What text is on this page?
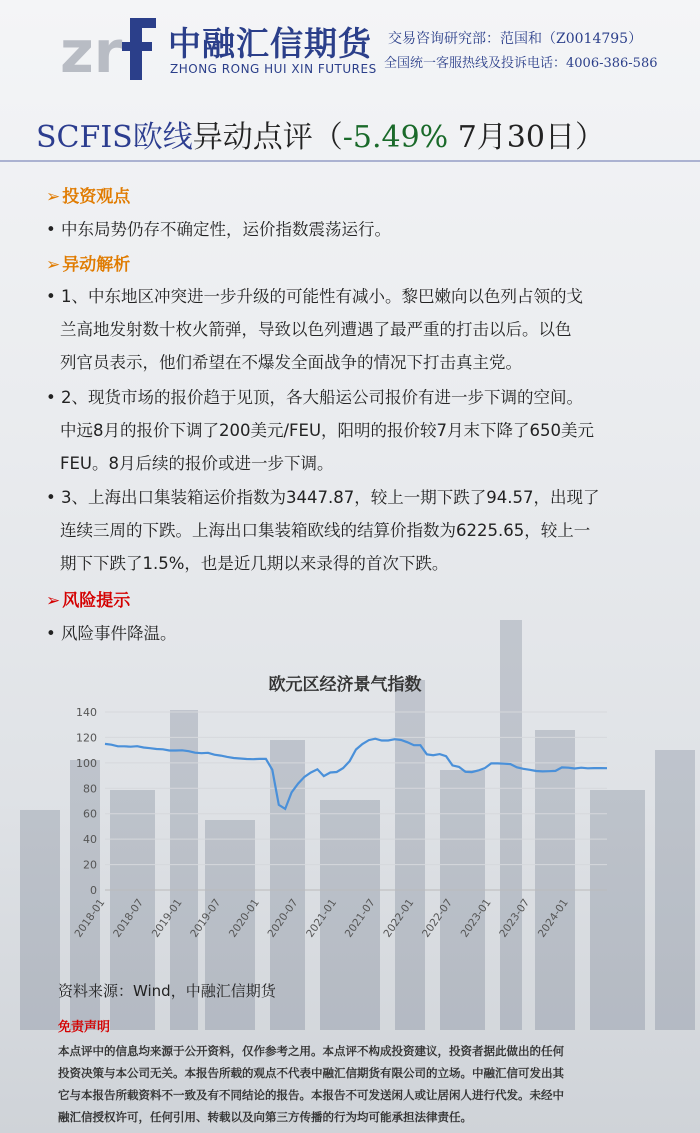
zr 中融汇信期货
ZHONG RONG HUI XIN FUTURES
交易咨询研究部：范国和（Z0014795）
全国统一客服热线及投诉电话：4006-386-586
SCFIS欧线异动点评（-5.49% 7月30日）
➢ 投资观点
• 中东局势仍存不确定性，运价指数震荡运行。
➢ 异动解析
• 1、中东地区冲突进一步升级的可能性有减小。黎巴嫩向以色列占领的戈
兰高地发射数十枚火箭弹，导致以色列遭遇了最严重的打击以后。以色
列官员表示，他们希望在不爆发全面战争的情况下打击真主党。
• 2、现货市场的报价趋于见顶，各大船运公司报价有进一步下调的空间。
中远8月的报价下调了200美元/FEU，阳明的报价较7月末下降了650美元
FEU。8月后续的报价或进一步下调。
• 3、上海出口集装箱运价指数为3447.87，较上一期下跌了94.57，出现了
连续三周的下跌。上海出口集装箱欧线的结算价指数为6225.65，较上一
期下下跌了1.5%，也是近几期以来录得的首次下跌。
➢ 风险提示
• 风险事件降温。
欧元区经济景气指数
0
20
40
60
80
100
120
140
2018-01 2018-07 2019-01 2019-07 2020-01 2020-07 2021-01 2021-07 2022-01 2022-07 2023-01 2023-07 2024-01
资料来源：Wind，中融汇信期货
免责声明
本点评中的信息均来源于公开资料，仅作参考之用。本点评不构成投资建议，投资者据此做出的任何
投资决策与本公司无关。本报告所载的观点不代表中融汇信期货有限公司的立场。中融汇信可发出其
它与本报告所载资料不一致及有不同结论的报告。本报告不可发送闲人或让居闲人进行代发。未经中
融汇信授权许可，任何引用、转载以及向第三方传播的行为均可能承担法律责任。
